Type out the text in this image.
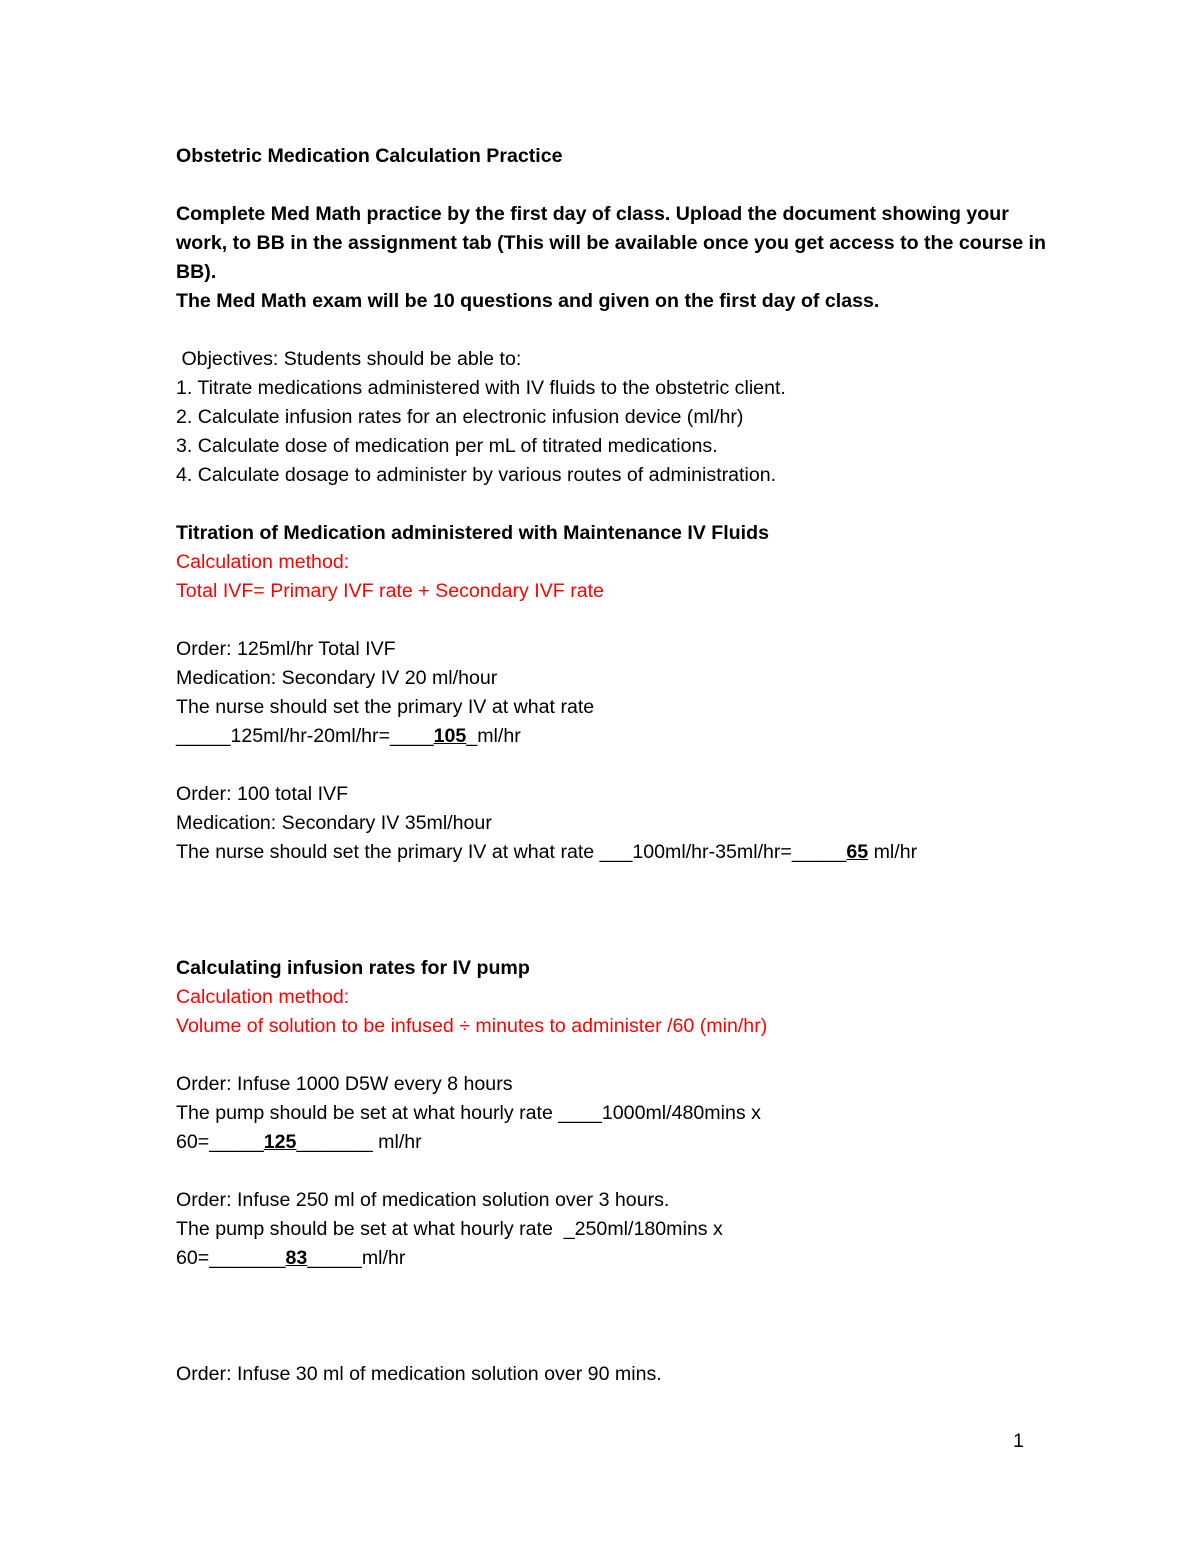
Obstetric Medication Calculation Practice
Complete Med Math practice by the first day of class. Upload the document showing your work, to BB in the assignment tab (This will be available once you get access to the course in BB).
The Med Math exam will be 10 questions and given on the first day of class.
Objectives: Students should be able to:
1. Titrate medications administered with IV fluids to the obstetric client.
2. Calculate infusion rates for an electronic infusion device (ml/hr)
3. Calculate dose of medication per mL of titrated medications.
4. Calculate dosage to administer by various routes of administration.
Titration of Medication administered with Maintenance IV Fluids
Calculation method:
Total IVF= Primary IVF rate + Secondary IVF rate
Order: 125ml/hr Total IVF
Medication: Secondary IV 20 ml/hour
The nurse should set the primary IV at what rate
_____125ml/hr-20ml/hr=____105_ml/hr
Order: 100 total IVF
Medication: Secondary IV 35ml/hour
The nurse should set the primary IV at what rate ___100ml/hr-35ml/hr=_____65 ml/hr
Calculating infusion rates for IV pump
Calculation method:
Volume of solution to be infused ÷ minutes to administer /60 (min/hr)
Order: Infuse 1000 D5W every 8 hours
The pump should be set at what hourly rate ____1000ml/480mins x
60=_____125_______ ml/hr
Order: Infuse 250 ml of medication solution over 3 hours.
The pump should be set at what hourly rate  _250ml/180mins x
60=_______83_____ml/hr
Order: Infuse 30 ml of medication solution over 90 mins.
1
